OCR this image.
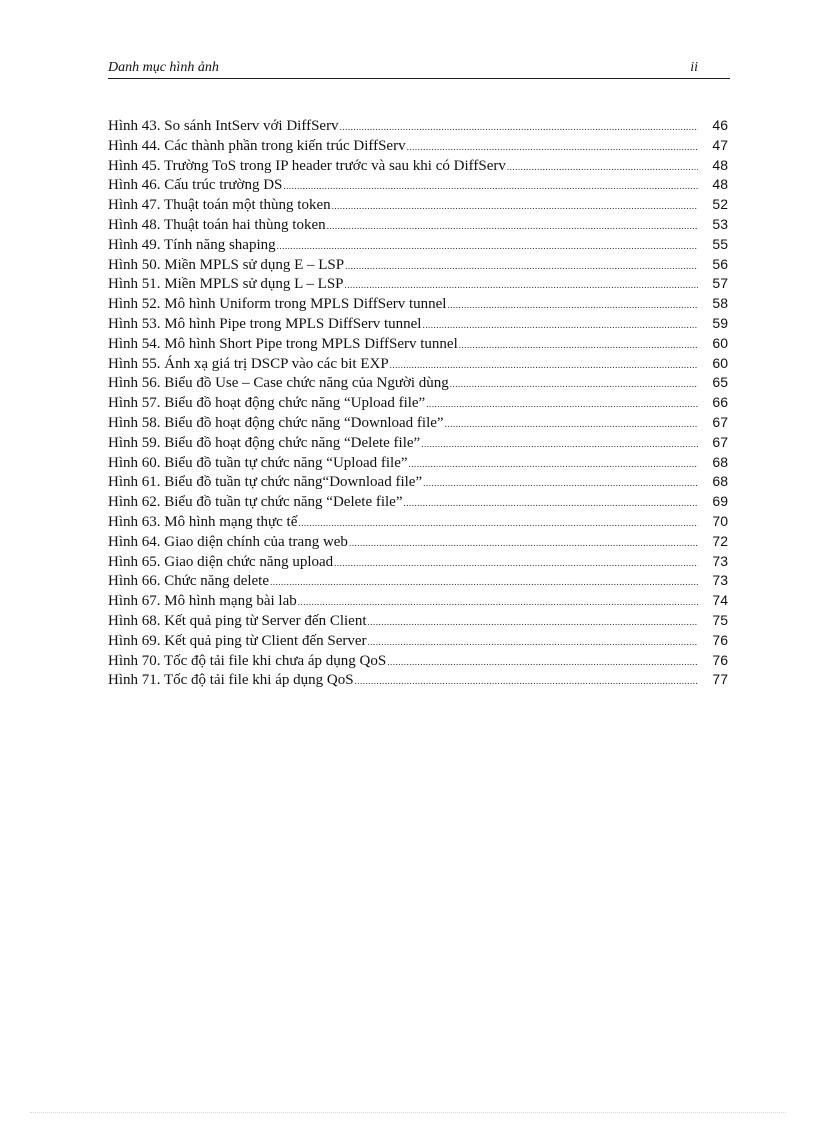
Danh mục hình ảnh	ii
Hình 43. So sánh IntServ với DiffServ .....	46
Hình 44. Các thành phần trong kiến trúc DiffServ .....	47
Hình 45. Trường ToS trong IP header trước và sau khi có DiffServ .....	48
Hình 46. Cấu trúc trường DS .....	48
Hình 47. Thuật toán một thùng token .....	52
Hình 48. Thuật toán hai thùng token .....	53
Hình 49. Tính năng shaping .....	55
Hình 50. Miền MPLS sử dụng E – LSP .....	56
Hình 51. Miền MPLS sử dụng L – LSP .....	57
Hình 52. Mô hình Uniform trong MPLS DiffServ tunnel .....	58
Hình 53. Mô hình Pipe trong MPLS DiffServ tunnel .....	59
Hình 54. Mô hình Short Pipe trong MPLS DiffServ tunnel .....	60
Hình 55. Ánh xạ giá trị DSCP vào các bit EXP .....	60
Hình 56. Biểu đồ Use – Case chức năng của Người dùng .....	65
Hình 57. Biểu đồ hoạt động chức năng “Upload file” .....	66
Hình 58. Biểu đồ hoạt động chức năng “Download file” .....	67
Hình 59. Biểu đồ hoạt động chức năng “Delete file” .....	67
Hình 60. Biểu đồ tuần tự chức năng “Upload file” .....	68
Hình 61. Biểu đồ tuần tự chức năng“Download file” .....	68
Hình 62. Biểu đồ tuần tự chức năng “Delete file” .....	69
Hình 63. Mô hình mạng thực tế .....	70
Hình 64. Giao diện chính của trang web .....	72
Hình 65. Giao diện chức năng upload .....	73
Hình 66. Chức năng delete .....	73
Hình 67. Mô hình mạng bài lab .....	74
Hình 68. Kết quả ping từ Server đến Client .....	75
Hình 69. Kết quả ping từ Client đến Server .....	76
Hình 70. Tốc độ tải file khi chưa áp dụng QoS .....	76
Hình 71. Tốc độ tải file khi áp dụng QoS .....	77
